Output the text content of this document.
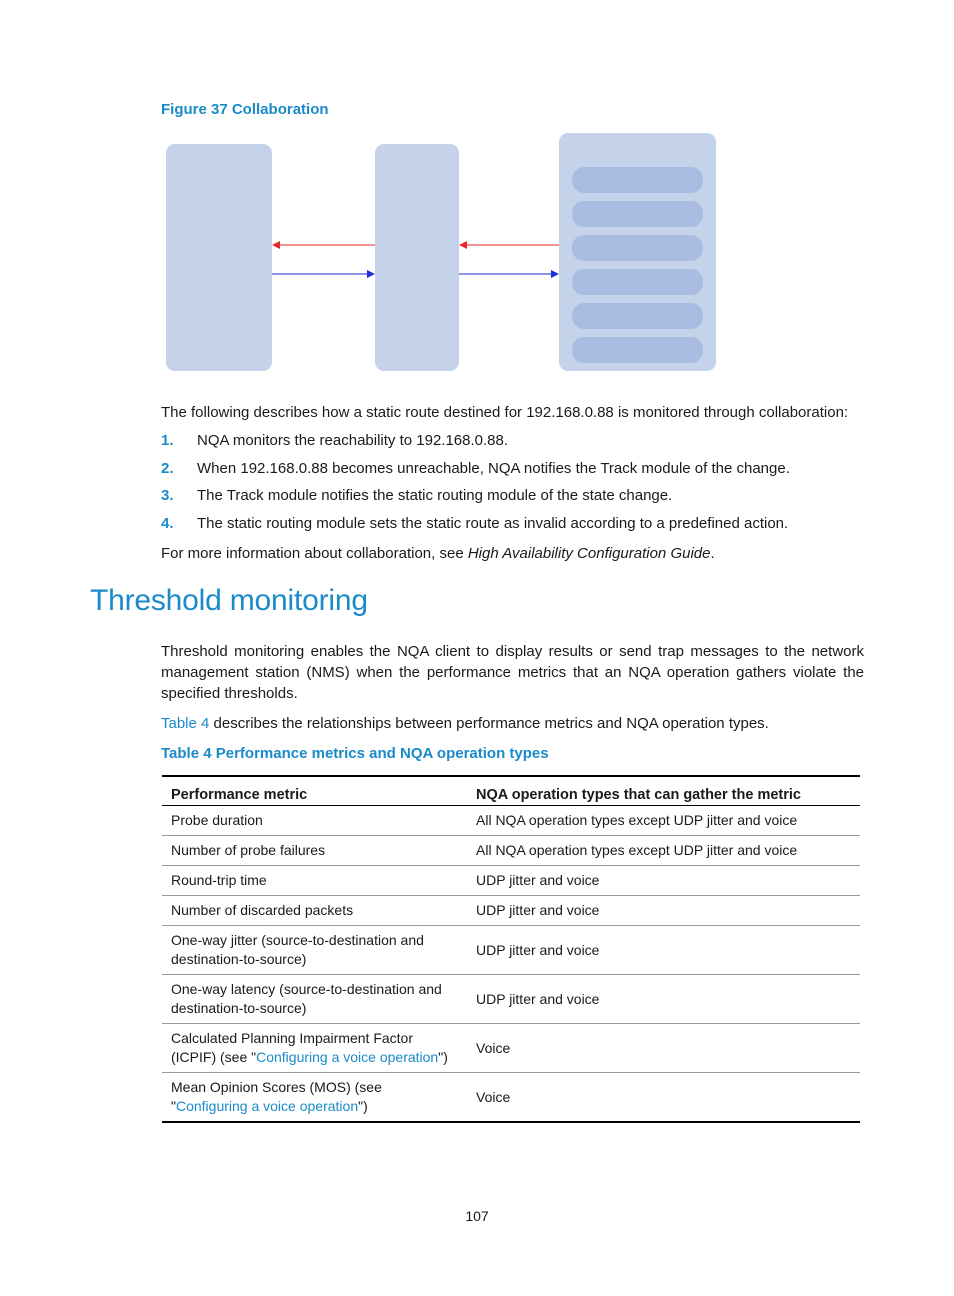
Figure 37 Collaboration
The following describes how a static route destined for 192.168.0.88 is monitored through collaboration:
1. NQA monitors the reachability to 192.168.0.88.
2. When 192.168.0.88 becomes unreachable, NQA notifies the Track module of the change.
3. The Track module notifies the static routing module of the state change.
4. The static routing module sets the static route as invalid according to a predefined action.
For more information about collaboration, see High Availability Configuration Guide.
Threshold monitoring
Threshold monitoring enables the NQA client to display results or send trap messages to the network management station (NMS) when the performance metrics that an NQA operation gathers violate the specified thresholds.
Table 4 describes the relationships between performance metrics and NQA operation types.
Table 4 Performance metrics and NQA operation types
Performance metric	NQA operation types that can gather the metric
Probe duration	All NQA operation types except UDP jitter and voice
Number of probe failures	All NQA operation types except UDP jitter and voice
Round-trip time	UDP jitter and voice
Number of discarded packets	UDP jitter and voice
One-way jitter (source-to-destination and destination-to-source)	UDP jitter and voice
One-way latency (source-to-destination and destination-to-source)	UDP jitter and voice
Calculated Planning Impairment Factor (ICPIF) (see "Configuring a voice operation")	Voice
Mean Opinion Scores (MOS) (see "Configuring a voice operation")	Voice
107
